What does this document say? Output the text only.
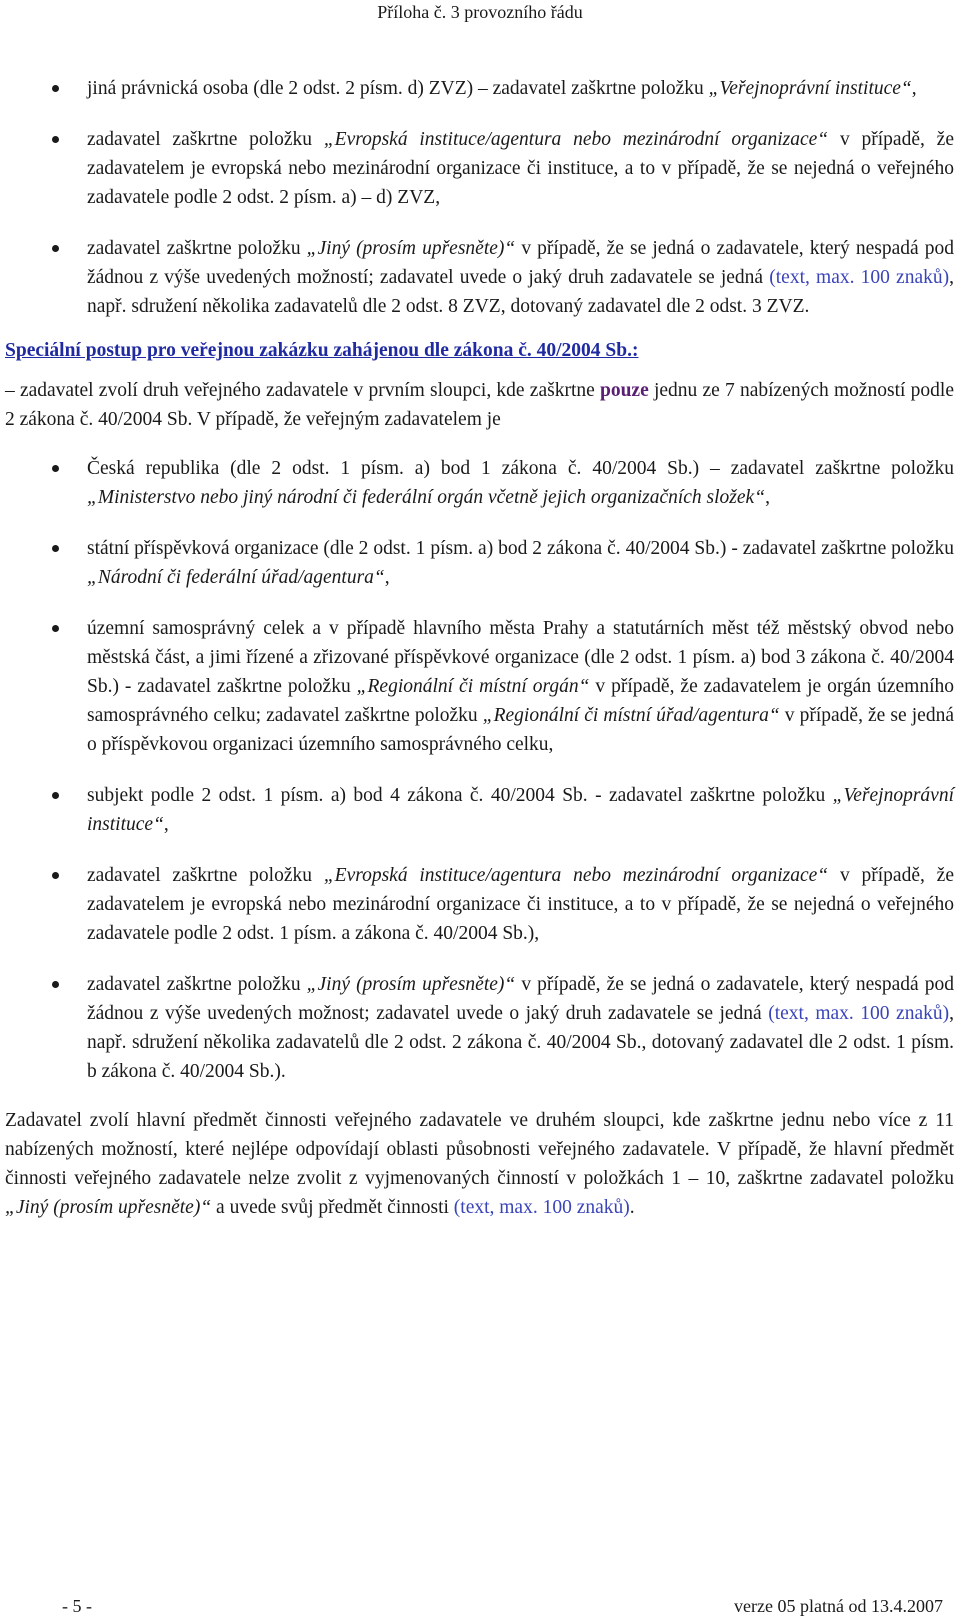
Příloha č. 3 provozního řádu
jiná právnická osoba (dle 2 odst. 2 písm. d) ZVZ) – zadavatel zaškrtne položku „Veřejnoprávní instituce“,
zadavatel zaškrtne položku „Evropská instituce/agentura nebo mezinárodní organizace“ v případě, že zadavatelem je evropská nebo mezinárodní organizace či instituce, a to v případě, že se nejedná o veřejného zadavatele podle 2 odst. 2 písm. a) – d) ZVZ,
zadavatel zaškrtne položku „Jiný (prosím upřesněte)“ v případě, že se jedná o zadavatele, který nespadá pod žádnou z výše uvedených možností; zadavatel uvede o jaký druh zadavatele se jedná (text, max. 100 znaků), např. sdružení několika zadavatelů dle 2 odst. 8 ZVZ, dotovaný zadavatel dle 2 odst. 3 ZVZ.
Speciální postup pro veřejnou zakázku zahájenou dle zákona č. 40/2004 Sb.:

– zadavatel zvolí druh veřejného zadavatele v prvním sloupci, kde zaškrtne pouze jednu ze 7 nabízených možností podle 2 zákona č. 40/2004 Sb. V případě, že veřejným zadavatelem je

Česká republika (dle 2 odst. 1 písm. a) bod 1 zákona č. 40/2004 Sb.) – zadavatel zaškrtne položku „Ministerstvo nebo jiný národní či federální orgán včetně jejich organizačních složek“,
státní příspěvková organizace (dle 2 odst. 1 písm. a) bod 2 zákona č. 40/2004 Sb.) - zadavatel zaškrtne položku „Národní či federální úřad/agentura“,
územní samosprávný celek a v případě hlavního města Prahy a statutárních měst též městský obvod nebo městská část, a jimi řízené a zřizované příspěvkové organizace (dle 2 odst. 1 písm. a) bod 3 zákona č. 40/2004 Sb.) - zadavatel zaškrtne položku „Regionální či místní orgán“ v případě, že zadavatelem je orgán územního samosprávného celku; zadavatel zaškrtne položku „Regionální či místní úřad/agentura“ v případě, že se jedná o příspěvkovou organizaci územního samosprávného celku,
subjekt podle 2 odst. 1 písm. a) bod 4 zákona č. 40/2004 Sb. - zadavatel zaškrtne položku „Veřejnoprávní instituce“,
zadavatel zaškrtne položku „Evropská instituce/agentura nebo mezinárodní organizace“ v případě, že zadavatelem je evropská nebo mezinárodní organizace či instituce, a to v případě, že se nejedná o veřejného zadavatele podle 2 odst. 1 písm. a zákona č. 40/2004 Sb.),
zadavatel zaškrtne položku „Jiný (prosím upřesněte)“ v případě, že se jedná o zadavatele, který nespadá pod žádnou z výše uvedených možnost; zadavatel uvede o jaký druh zadavatele se jedná (text, max. 100 znaků), např. sdružení několika zadavatelů dle 2 odst. 2 zákona č. 40/2004 Sb., dotovaný zadavatel dle 2 odst. 1 písm. b zákona č. 40/2004 Sb.).

Zadavatel zvolí hlavní předmět činnosti veřejného zadavatele ve druhém sloupci, kde zaškrtne jednu nebo více z 11 nabízených možností, které nejlépe odpovídají oblasti působnosti veřejného zadavatele. V případě, že hlavní předmět činnosti veřejného zadavatele nelze zvolit z vyjmenovaných činností v položkách 1 – 10, zaškrtne zadavatel položku „Jiný (prosím upřesněte)“ a uvede svůj předmět činnosti (text, max. 100 znaků).

- 5 -	verze 05 platná od 13.4.2007
